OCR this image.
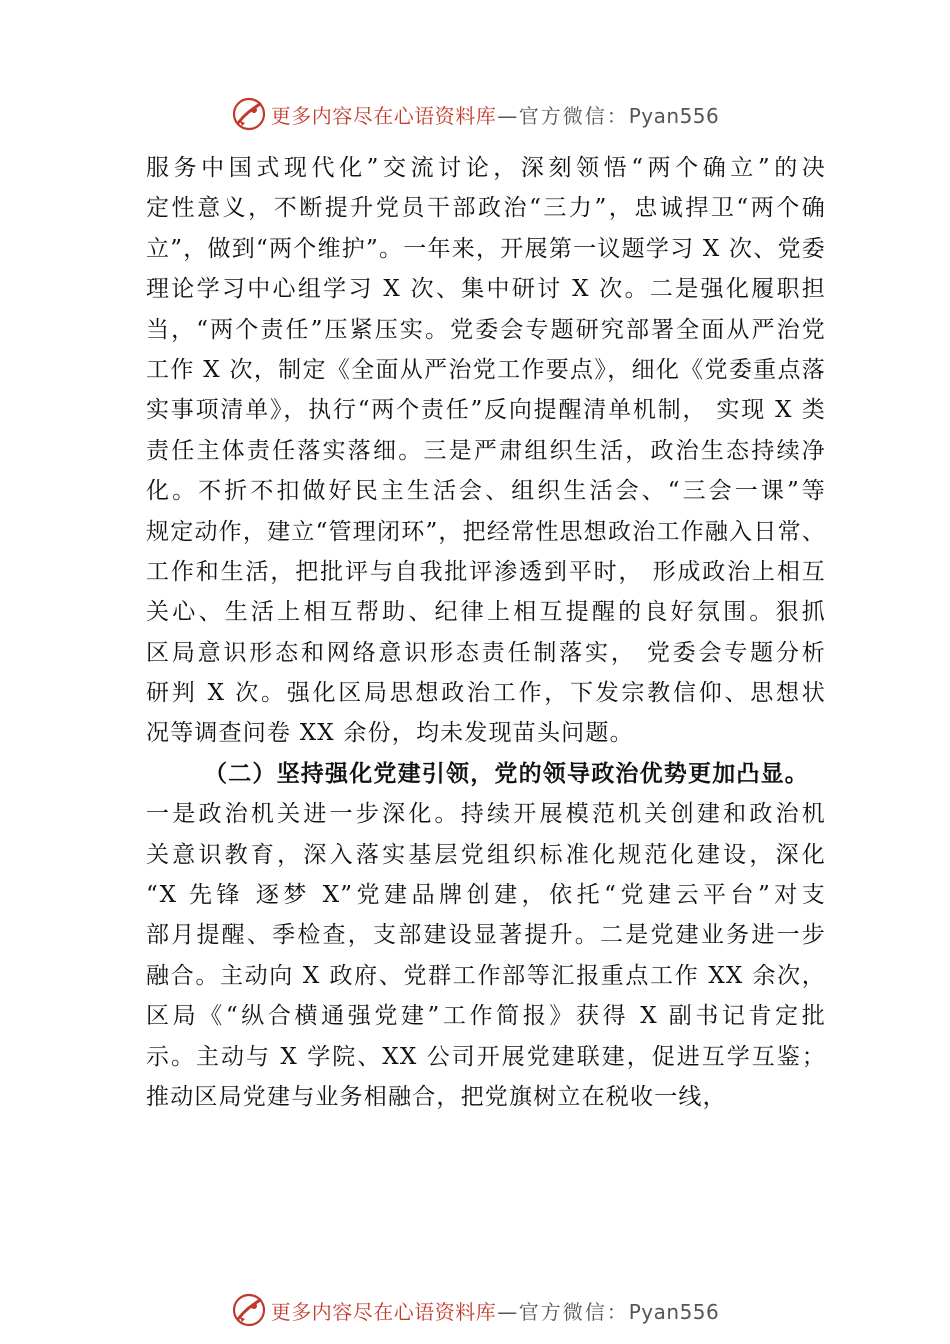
更多内容尽在心语资料库—官方微信：Pyan556
服务中国式现代化”交流讨论，深刻领悟“两个确立”的决
定性意义，不断提升党员干部政治“三力”，忠诚捍卫“两个确
立”，做到“两个维护”。一年来，开展第一议题学习 X 次、党委
理论学习中心组学习 X 次、集中研讨 X 次。二是强化履职担
当，“两个责任”压紧压实。党委会专题研究部署全面从严治党
工作 X 次，制定《全面从严治党工作要点》，细化《党委重点落
实事项清单》，执行“两个责任”反向提醒清单机制， 实现 X 类
责任主体责任落实落细。三是严肃组织生活，政治生态持续净
化。不折不扣做好民主生活会、组织生活会、“三会一课”等
规定动作，建立“管理闭环”，把经常性思想政治工作融入日常、
工作和生活，把批评与自我批评渗透到平时， 形成政治上相互
关心、生活上相互帮助、纪律上相互提醒的良好氛围。狠抓
区局意识形态和网络意识形态责任制落实， 党委会专题分析
研判 X 次。强化区局思想政治工作，下发宗教信仰、思想状
况等调查问卷 XX 余份，均未发现苗头问题。
（二）坚持强化党建引领，党的领导政治优势更加凸显。
一是政治机关进一步深化。持续开展模范机关创建和政治机
关意识教育，深入落实基层党组织标准化规范化建设，深化
“X 先锋 逐梦 X”党建品牌创建，依托“党建云平台”对支
部月提醒、季检查，支部建设显著提升。二是党建业务进一步
融合。主动向 X 政府、党群工作部等汇报重点工作 XX 余次，
区局《“纵合横通强党建”工作简报》获得 X 副书记肯定批
示。主动与 X 学院、XX 公司开展党建联建，促进互学互鉴；
推动区局党建与业务相融合，把党旗树立在税收一线，
更多内容尽在心语资料库—官方微信：Pyan556
